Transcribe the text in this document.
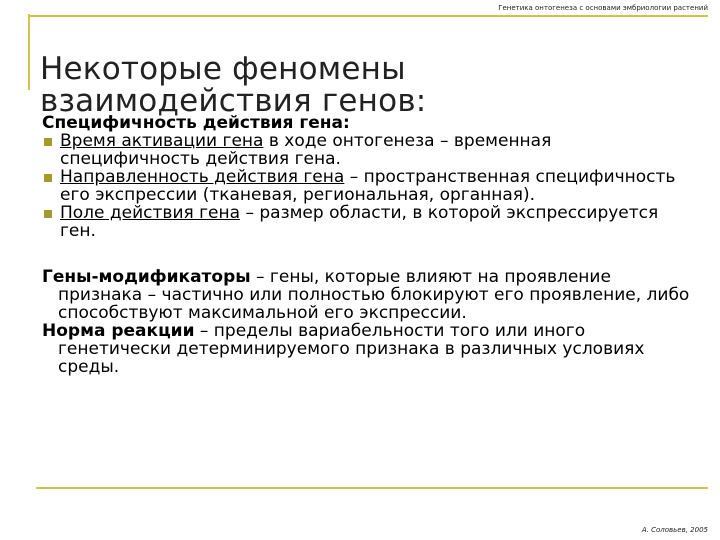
Генетика онтогенеза с основами эмбриологии растений
Некоторые феномены взаимодействия генов:
Специфичность действия гена:
Время активации гена в ходе онтогенеза – временная специфичность действия гена.
Направленность действия гена – пространственная специфичность его экспрессии (тканевая, региональная, органная).
Поле действия гена – размер области, в которой экспрессируется ген.
Гены-модификаторы – гены, которые влияют на проявление признака – частично или полностью блокируют его проявление, либо способствуют максимальной его экспрессии.
Норма реакции – пределы вариабельности того или иного генетически детерминируемого признака в различных условиях среды.
А. Соловьев, 2005
